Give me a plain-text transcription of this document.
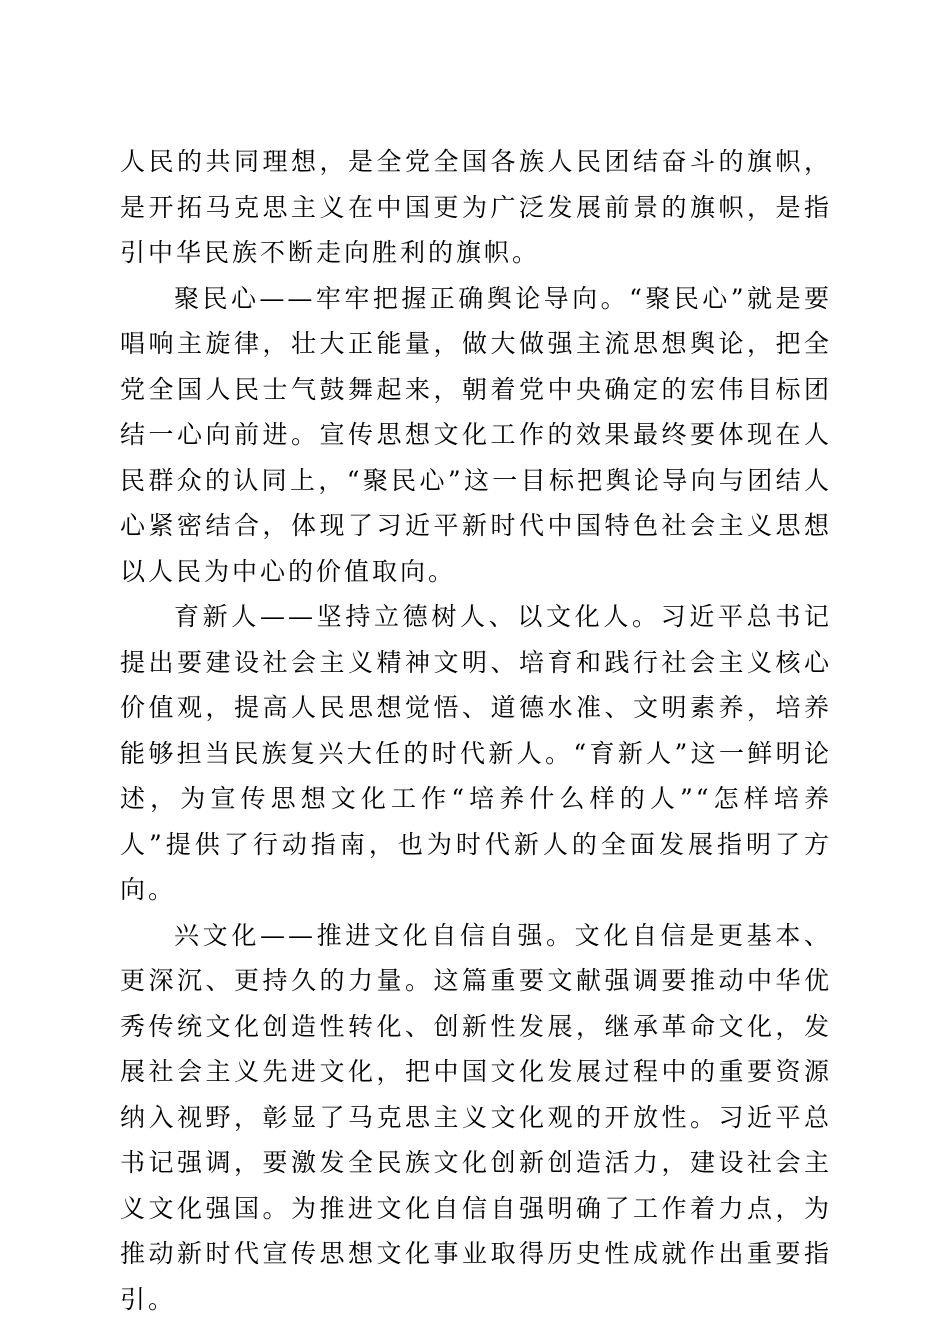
人民的共同理想，是全党全国各族人民团结奋斗的旗帜，是开拓马克思主义在中国更为广泛发展前景的旗帜，是指引中华民族不断走向胜利的旗帜。

聚民心——牢牢把握正确舆论导向。“聚民心”就是要唱响主旋律，壮大正能量，做大做强主流思想舆论，把全党全国人民士气鼓舞起来，朝着党中央确定的宏伟目标团结一心向前进。宣传思想文化工作的效果最终要体现在人民群众的认同上，“聚民心”这一目标把舆论导向与团结人心紧密结合，体现了习近平新时代中国特色社会主义思想以人民为中心的价值取向。

育新人——坚持立德树人、以文化人。习近平总书记提出要建设社会主义精神文明、培育和践行社会主义核心价值观，提高人民思想觉悟、道德水准、文明素养，培养能够担当民族复兴大任的时代新人。“育新人”这一鲜明论述，为宣传思想文化工作“培养什么样的人”“怎样培养人”提供了行动指南，也为时代新人的全面发展指明了方向。

兴文化——推进文化自信自强。文化自信是更基本、更深沉、更持久的力量。这篇重要文献强调要推动中华优秀传统文化创造性转化、创新性发展，继承革命文化，发展社会主义先进文化，把中国文化发展过程中的重要资源纳入视野，彰显了马克思主义文化观的开放性。习近平总书记强调，要激发全民族文化创新创造活力，建设社会主义文化强国。为推进文化自信自强明确了工作着力点，为推动新时代宣传思想文化事业取得历史性成就作出重要指引。
